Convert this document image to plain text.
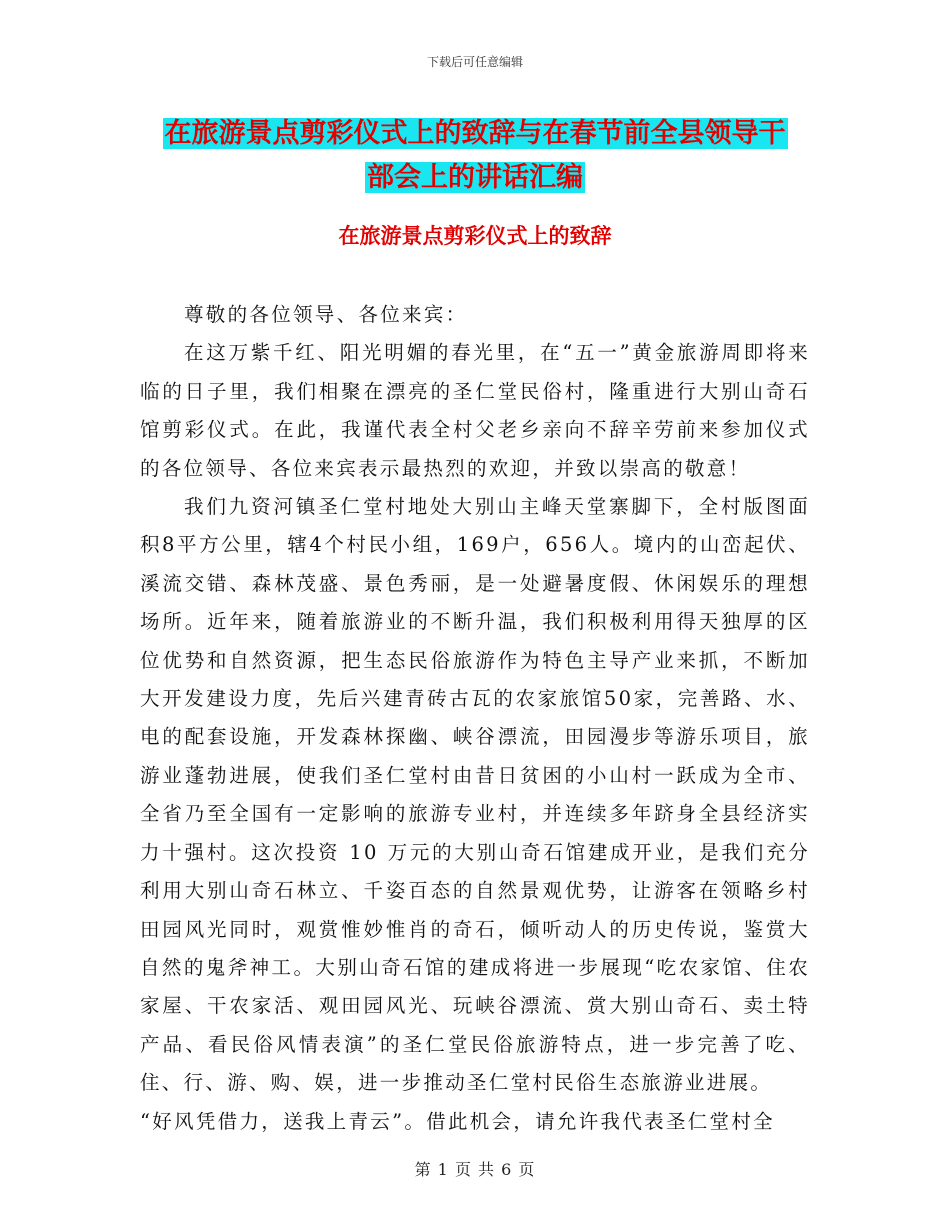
下载后可任意编辑
在旅游景点剪彩仪式上的致辞与在春节前全县领导干
部会上的讲话汇编
在旅游景点剪彩仪式上的致辞

尊敬的各位领导、各位来宾：

在这万紫千红、阳光明媚的春光里，在“五一”黄金旅游周即将来临的日子里，我们相聚在漂亮的圣仁堂民俗村，隆重进行大别山奇石馆剪彩仪式。在此，我谨代表全村父老乡亲向不辞辛劳前来参加仪式的各位领导、各位来宾表示最热烈的欢迎，并致以崇高的敬意！

我们九资河镇圣仁堂村地处大别山主峰天堂寨脚下，全村版图面积8平方公里，辖4个村民小组，169户，656人。境内的山峦起伏、溪流交错、森林茂盛、景色秀丽，是一处避暑度假、休闲娱乐的理想场所。近年来，随着旅游业的不断升温，我们积极利用得天独厚的区位优势和自然资源，把生态民俗旅游作为特色主导产业来抓，不断加大开发建设力度，先后兴建青砖古瓦的农家旅馆50家，完善路、水、电的配套设施，开发森林探幽、峡谷漂流，田园漫步等游乐项目，旅游业蓬勃进展，使我们圣仁堂村由昔日贫困的小山村一跃成为全市、全省乃至全国有一定影响的旅游专业村，并连续多年跻身全县经济实力十强村。这次投资 10 万元的大别山奇石馆建成开业，是我们充分利用大别山奇石林立、千姿百态的自然景观优势，让游客在领略乡村田园风光同时，观赏惟妙惟肖的奇石，倾听动人的历史传说，鉴赏大自然的鬼斧神工。大别山奇石馆的建成将进一步展现“吃农家馆、住农家屋、干农家活、观田园风光、玩峡谷漂流、赏大别山奇石、卖土特产品、看民俗风情表演”的圣仁堂民俗旅游特点，进一步完善了吃、住、行、游、购、娱，进一步推动圣仁堂村民俗生态旅游业进展。

“好风凭借力，送我上青云”。借此机会，请允许我代表圣仁堂村全

第 1 页 共 6 页
